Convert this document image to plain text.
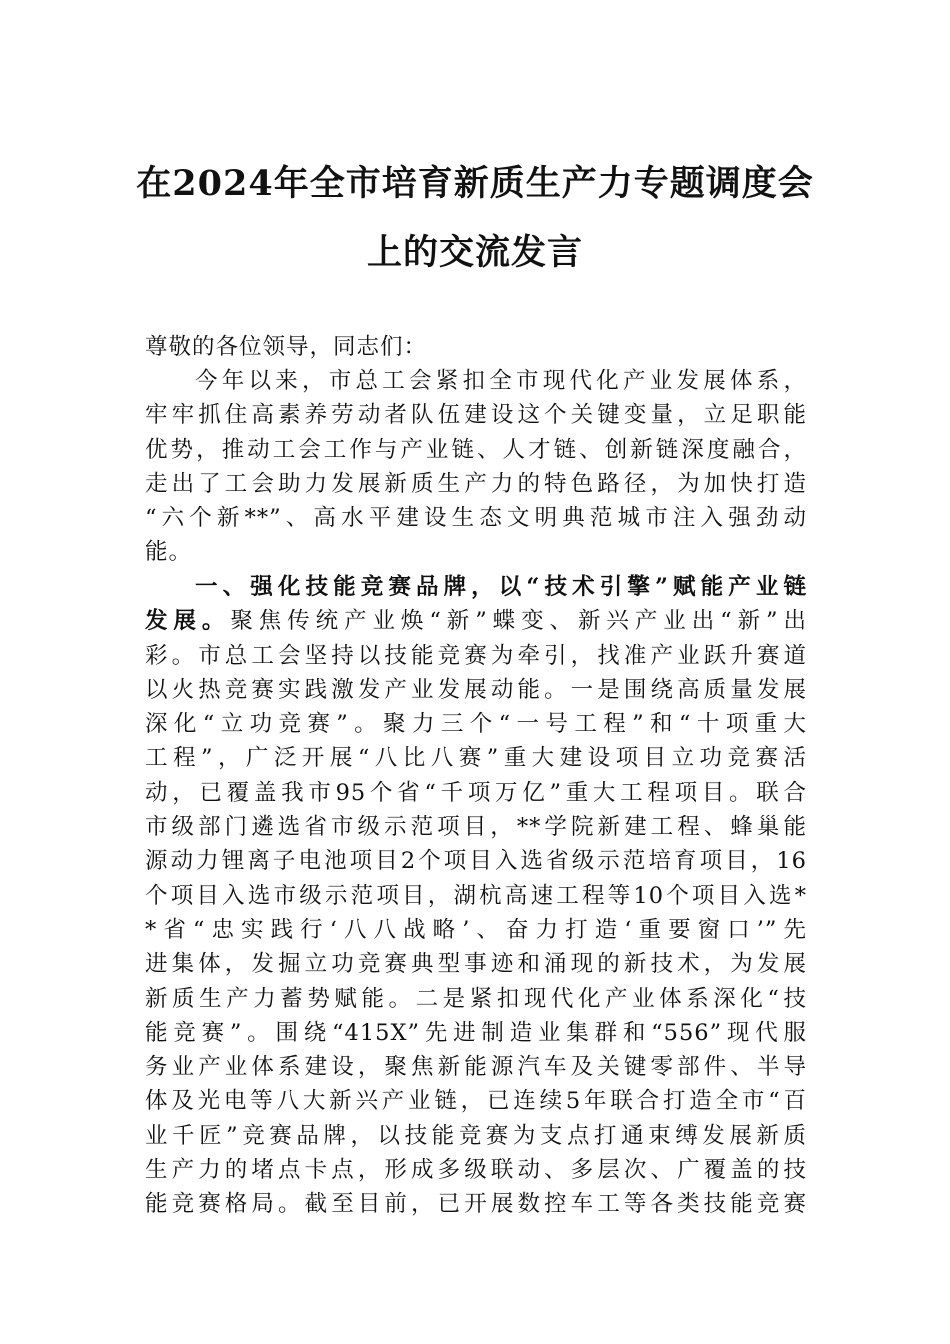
在2024年全市培育新质生产力专题调度会
上的交流发言
尊敬的各位领导，同志们：
今年以来，市总工会紧扣全市现代化产业发展体系，
牢牢抓住高素养劳动者队伍建设这个关键变量，立足职能
优势，推动工会工作与产业链、人才链、创新链深度融合，
走出了工会助力发展新质生产力的特色路径，为加快打造
“六个新**”、高水平建设生态文明典范城市注入强劲动
能。
一、强化技能竞赛品牌，以“技术引擎”赋能产业链
发展。聚焦传统产业焕“新”蝶变、新兴产业出“新”出
彩。市总工会坚持以技能竞赛为牵引，找准产业跃升赛道
以火热竞赛实践激发产业发展动能。一是围绕高质量发展
深化“立功竞赛”。聚力三个“一号工程”和“十项重大
工程”，广泛开展“八比八赛”重大建设项目立功竞赛活
动，已覆盖我市95个省“千项万亿”重大工程项目。联合
市级部门遴选省市级示范项目，**学院新建工程、蜂巢能
源动力锂离子电池项目2个项目入选省级示范培育项目，16
个项目入选市级示范项目，湖杭高速工程等10个项目入选*
*省“忠实践行‘八八战略’、奋力打造‘重要窗口’”先
进集体，发掘立功竞赛典型事迹和涌现的新技术，为发展
新质生产力蓄势赋能。二是紧扣现代化产业体系深化“技
能竞赛”。围绕“415X”先进制造业集群和“556”现代服
务业产业体系建设，聚焦新能源汽车及关键零部件、半导
体及光电等八大新兴产业链，已连续5年联合打造全市“百
业千匠”竞赛品牌，以技能竞赛为支点打通束缚发展新质
生产力的堵点卡点，形成多级联动、多层次、广覆盖的技
能竞赛格局。截至目前，已开展数控车工等各类技能竞赛
